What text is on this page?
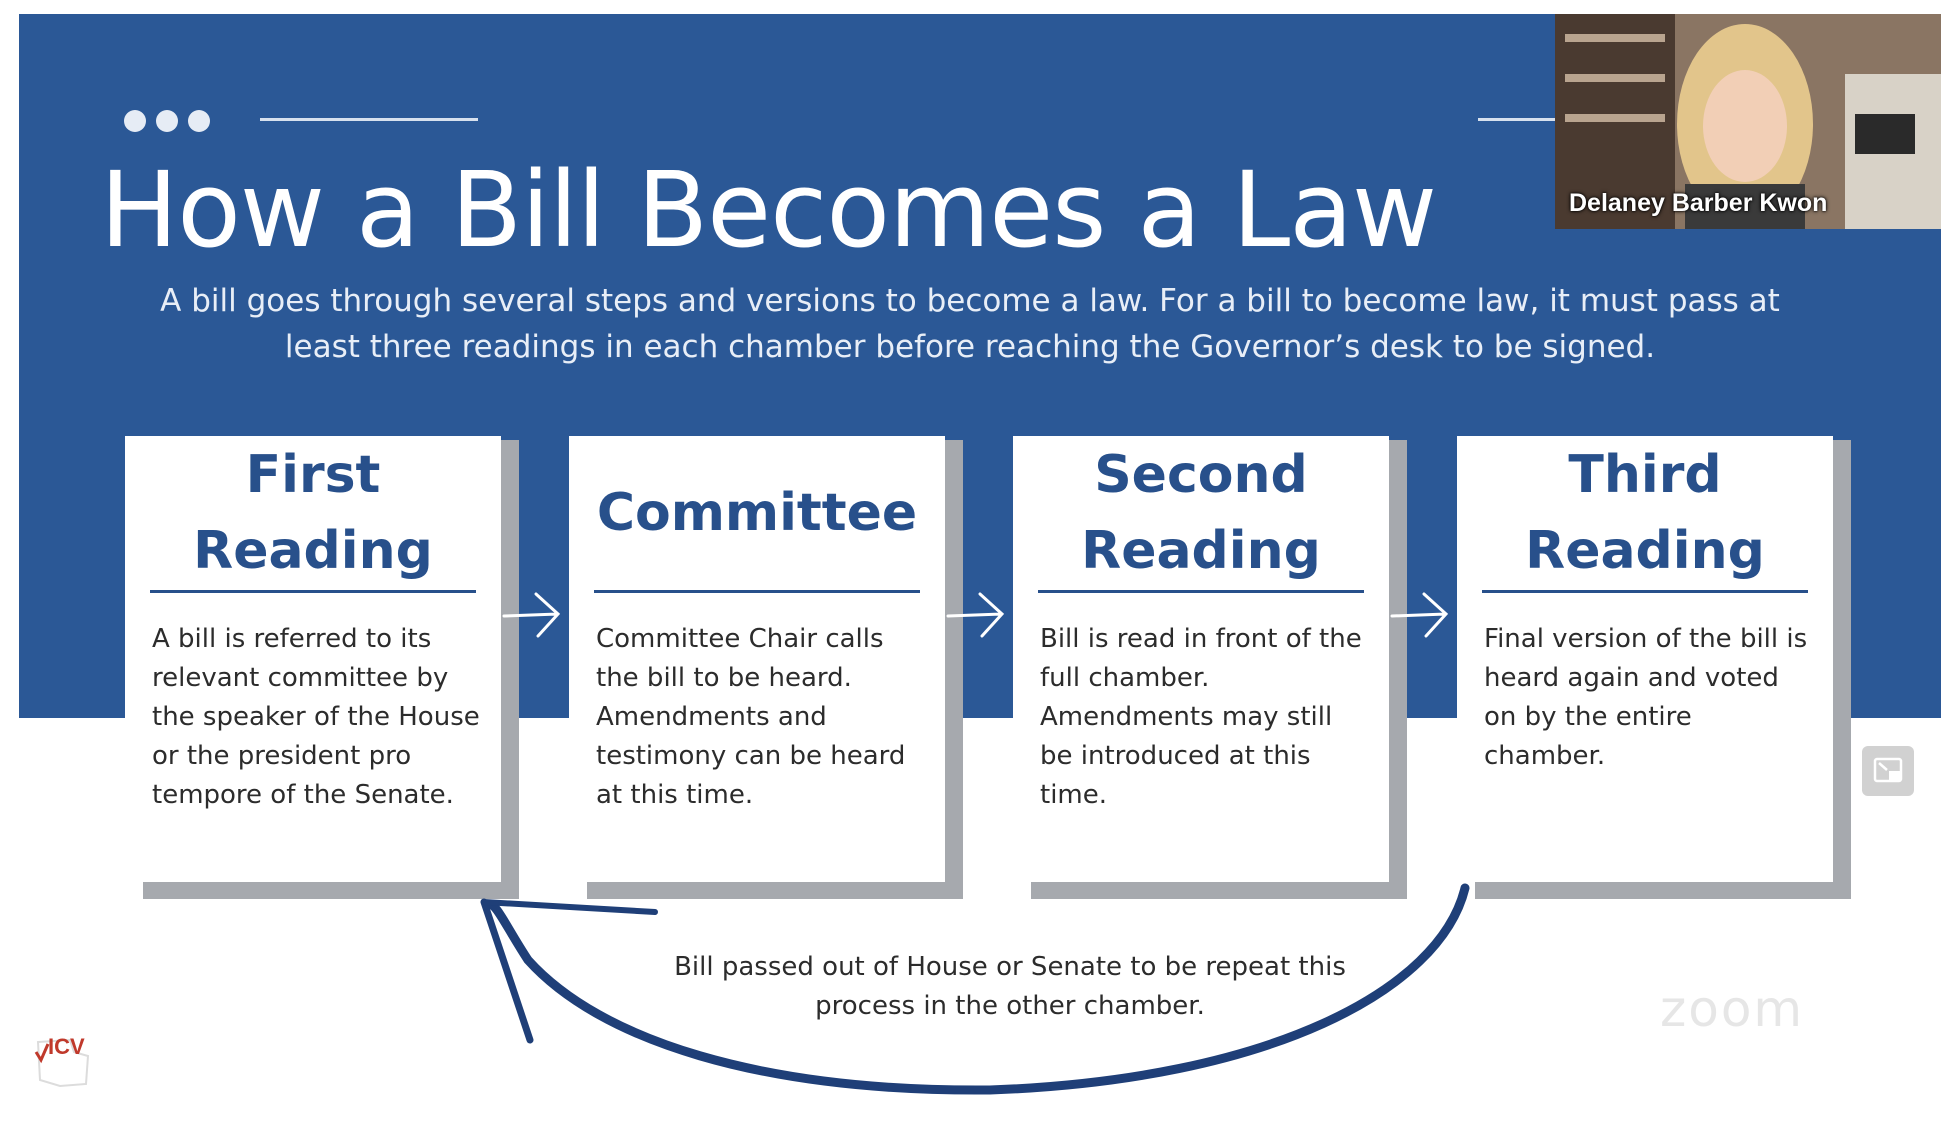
How a Bill Becomes a Law

A bill goes through several steps and versions to become a law. For a bill to become law, it must pass at least three readings in each chamber before reaching the Governor’s desk to be signed.

First
Reading

A bill is referred to its relevant committee by the speaker of the House or the president pro tempore of the Senate.

Committee

Committee Chair calls the bill to be heard. Amendments and testimony can be heard at this time.

Second
Reading

Bill is read in front of the full chamber. Amendments may still be introduced at this time.

Third
Reading

Final version of the bill is heard again and voted on by the entire chamber.

Bill passed out of House or Senate to be repeat this process in the other chamber.

ICV
Delaney Barber Kwon
zoom
